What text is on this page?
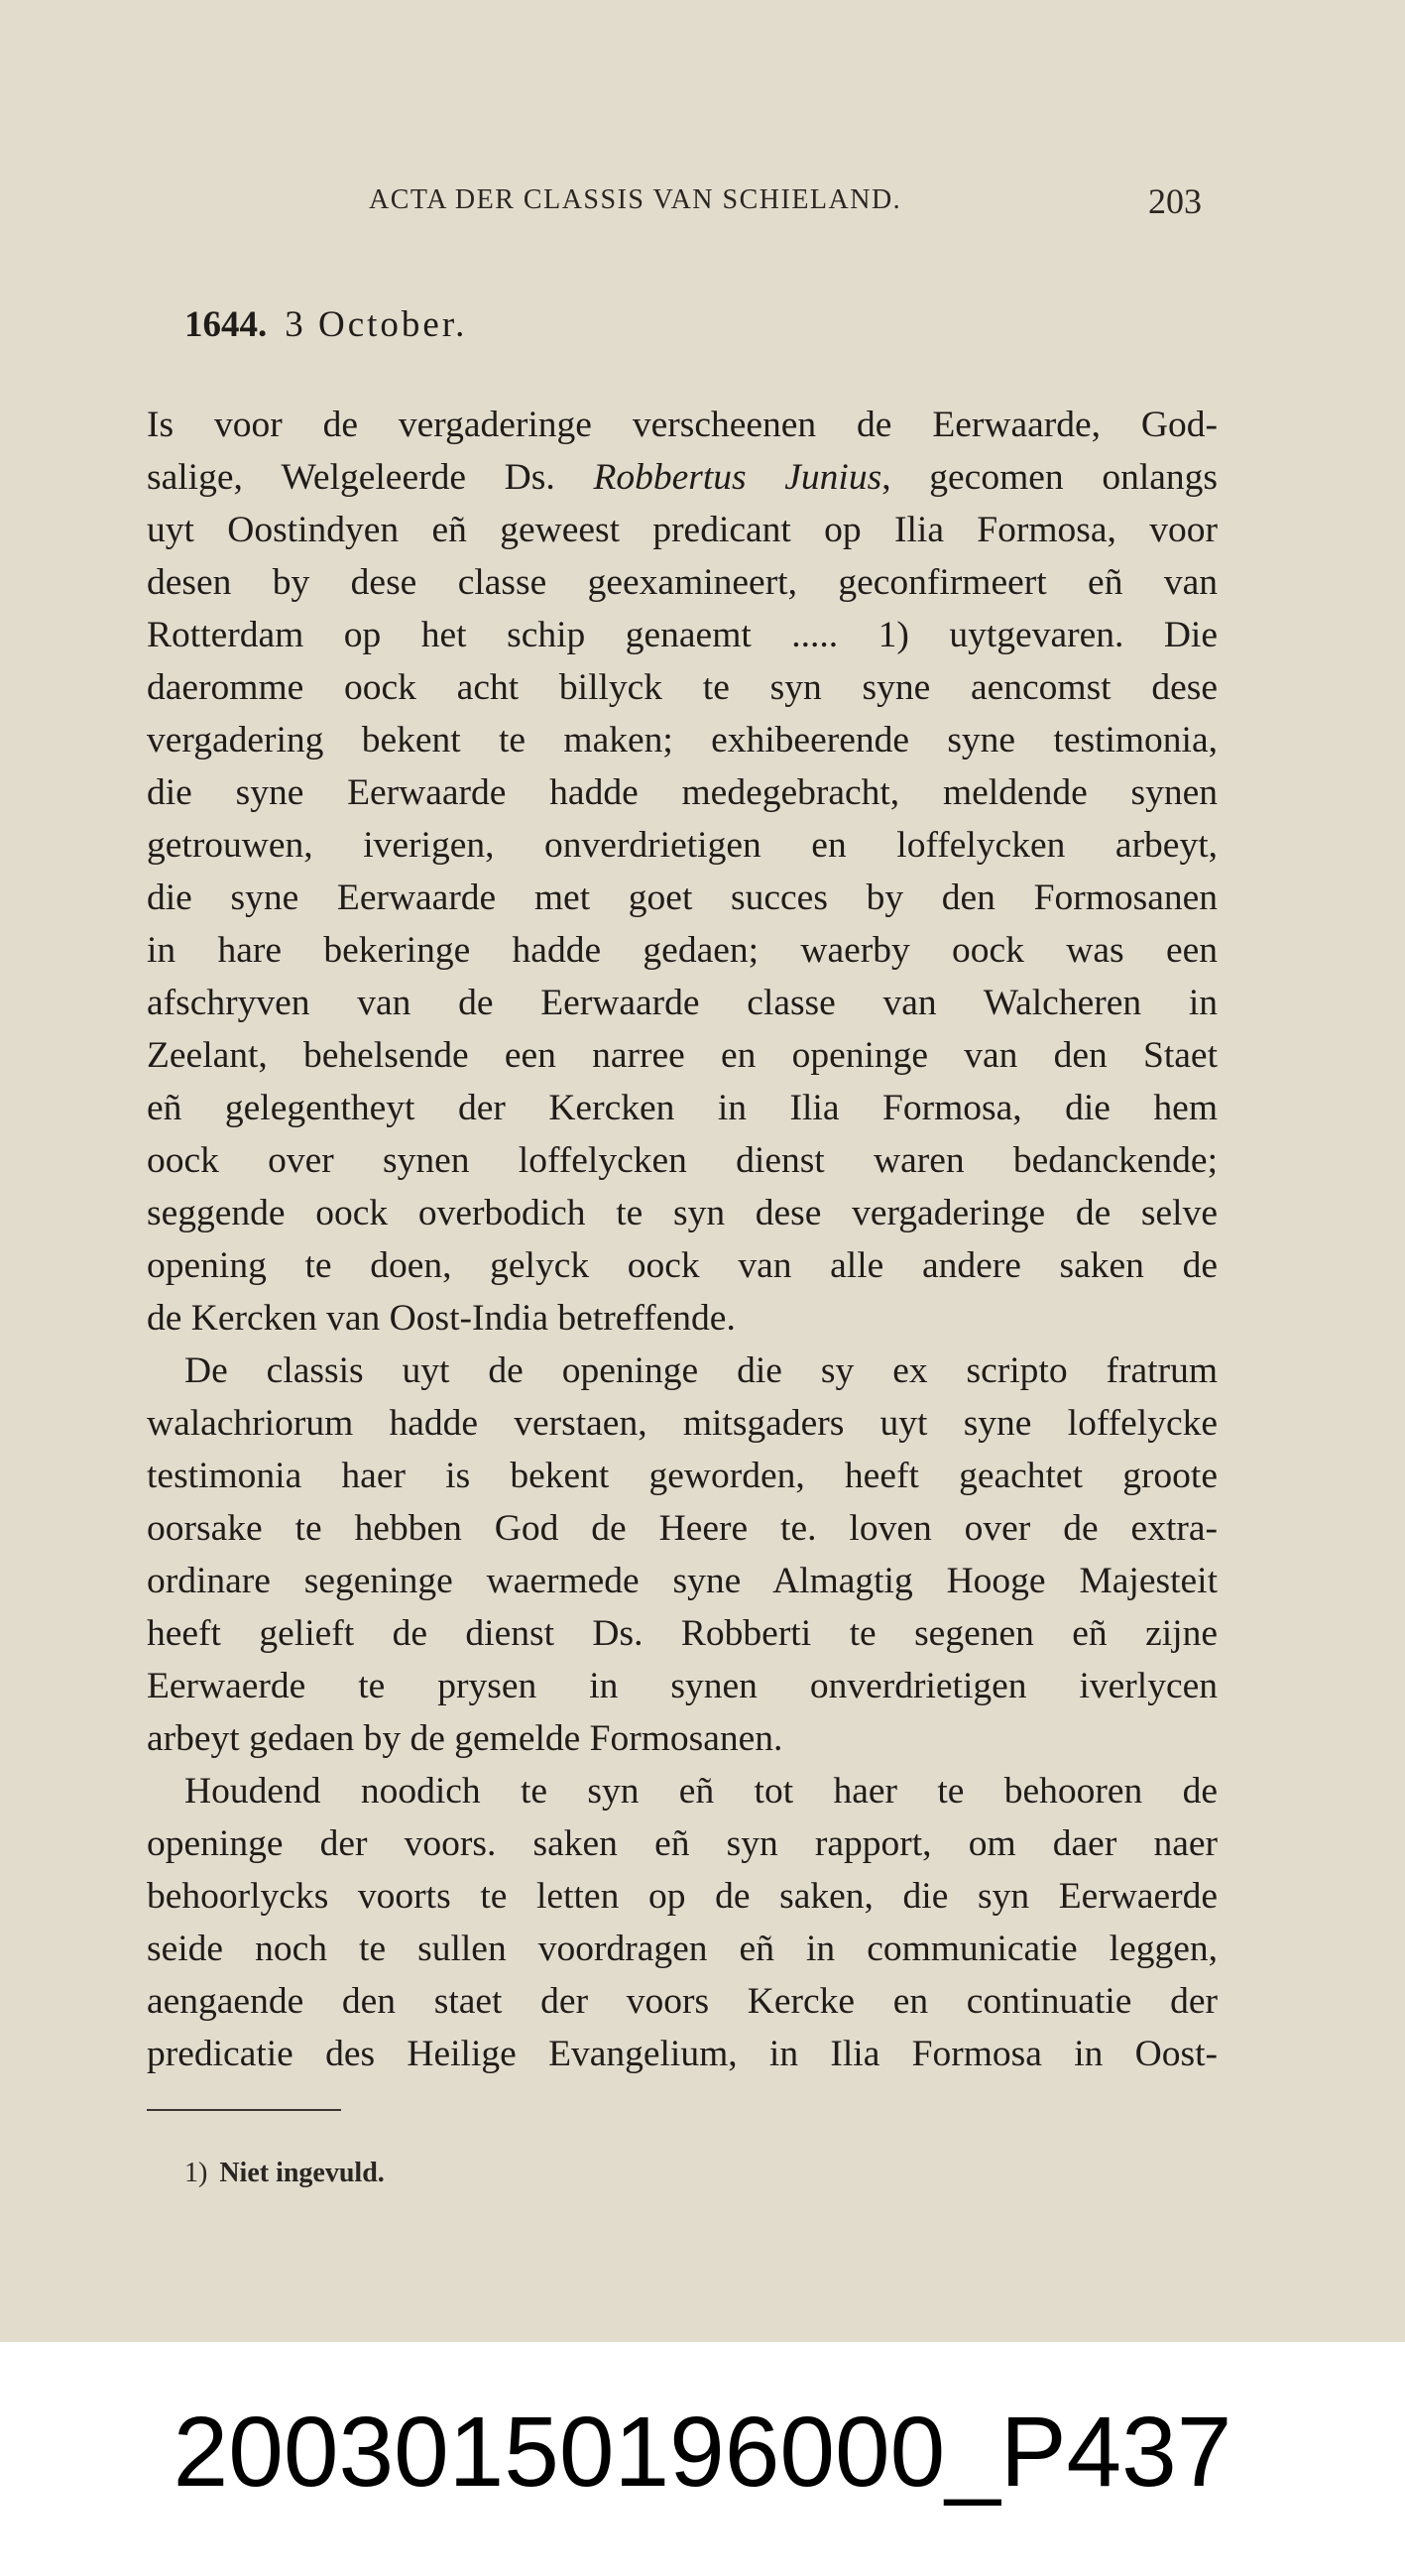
ACTA DER CLASSIS VAN SCHIELAND.	203
1644. 3 October.
Is voor de vergaderinge verscheenen de Eerwaarde, God-
saligе, Welgeleerde Ds. Robbertus Junius, gecomen onlangs
uyt Oostindyen eñ geweest predicant op Ilia Formosa, voor
desen by dese classe geexamineert, geconfirmeert eñ van
Rotterdam op het schip genaemt ..... 1) uytgevaren. Die
daeromme oock acht billyck te syn syne aencomst dese
vergadering bekent te maken; exhibeerende syne testimonia,
die syne Eerwaarde hadde medegebracht, meldende synen
getrouwen, iverigen, onverdrietigen en loffelycken arbeyt,
die syne Eerwaarde met goet succes by den Formosanen
in hare bekeringe hadde gedaen; waerby oock was een
afschryven van de Eerwaarde classe van Walcheren in
Zeelant, behelsende een narree en openinge van den Staet
eñ gelegentheyt der Kercken in Ilia Formosa, die hem
oock over synen loffelycken dienst waren bedanckende;
seggende oock overbodich te syn dese vergaderinge de selve
opening te doen, gelyck oock van alle andere saken de
de Kercken van Oost-India betreffende.
De classis uyt de openinge die sy ex scripto fratrum
walachriorum hadde verstaen, mitsgaders uyt syne loffelycke
testimonia haer is bekent geworden, heeft geachtet groote
oorsake te hebben God de Heere te. loven over de extra-
ordinare segeninge waermede syne Almagtig Hooge Majesteit
heeft gelieft de dienst Ds. Robberti te segenen eñ zijne
Eerwaerde te prysen in synen onverdrietigen iverlycen
arbeyt gedaen by de gemelde Formosanen.
Houdend noodich te syn eñ tot haer te behooren de
openinge der voors. saken eñ syn rapport, om daer naer
behoorlycks voorts te letten op de saken, die syn Eerwaerde
seide noch te sullen voordragen eñ in communicatie leggen,
aengaende den staet der voors Kercke en continuatie der
predicatie des Heilige Evangelium, in Ilia Formosa in Oost-
1) Niet ingevuld.
20030150196000_P437
